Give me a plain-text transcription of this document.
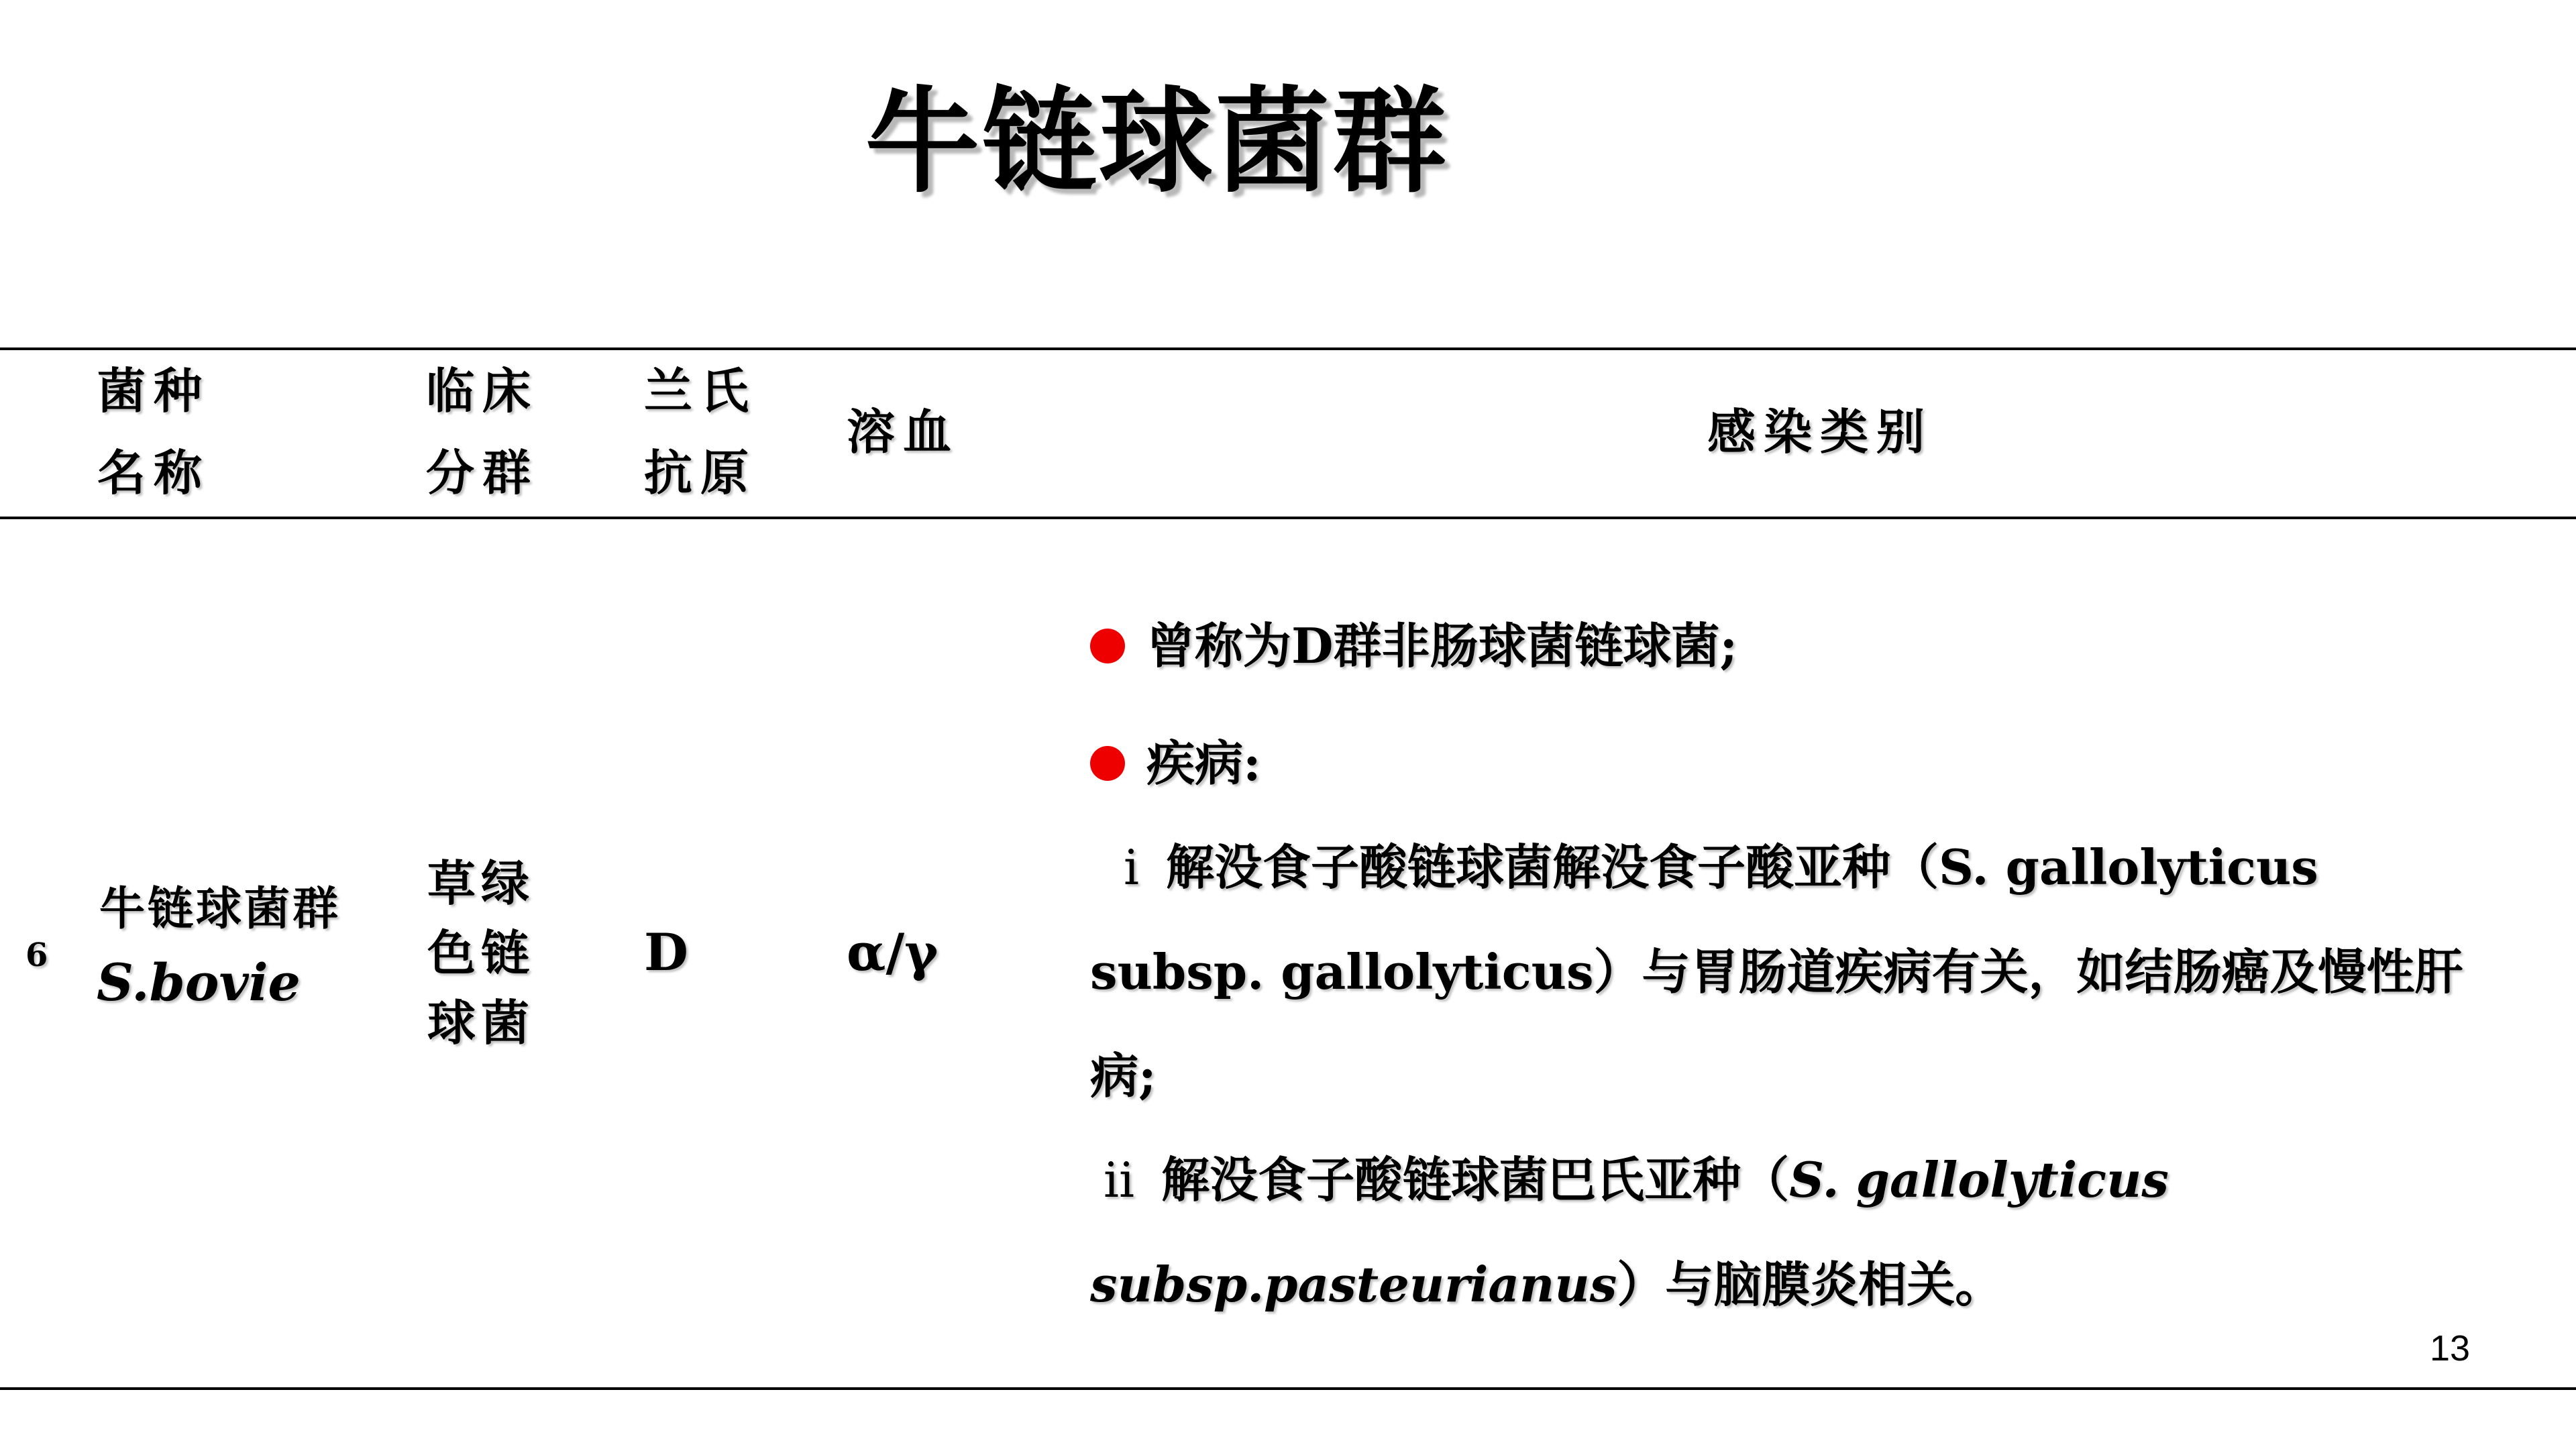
牛链球菌群
菌种
名称
临床
分群
兰氏
抗原
溶血	感染类别
6
牛链球菌群
S.bovie
草绿
色链
球菌
D	α/γ
曾称为D群非肠球菌链球菌;
疾病:
ⅰ 解没食子酸链球菌解没食子酸亚种（S. gallolyticus
subsp. gallolyticus）与胃肠道疾病有关，如结肠癌及慢性肝
病;
ⅱ 解没食子酸链球菌巴氏亚种（S. gallolyticus
subsp.pasteurianus）与脑膜炎相关。
13
